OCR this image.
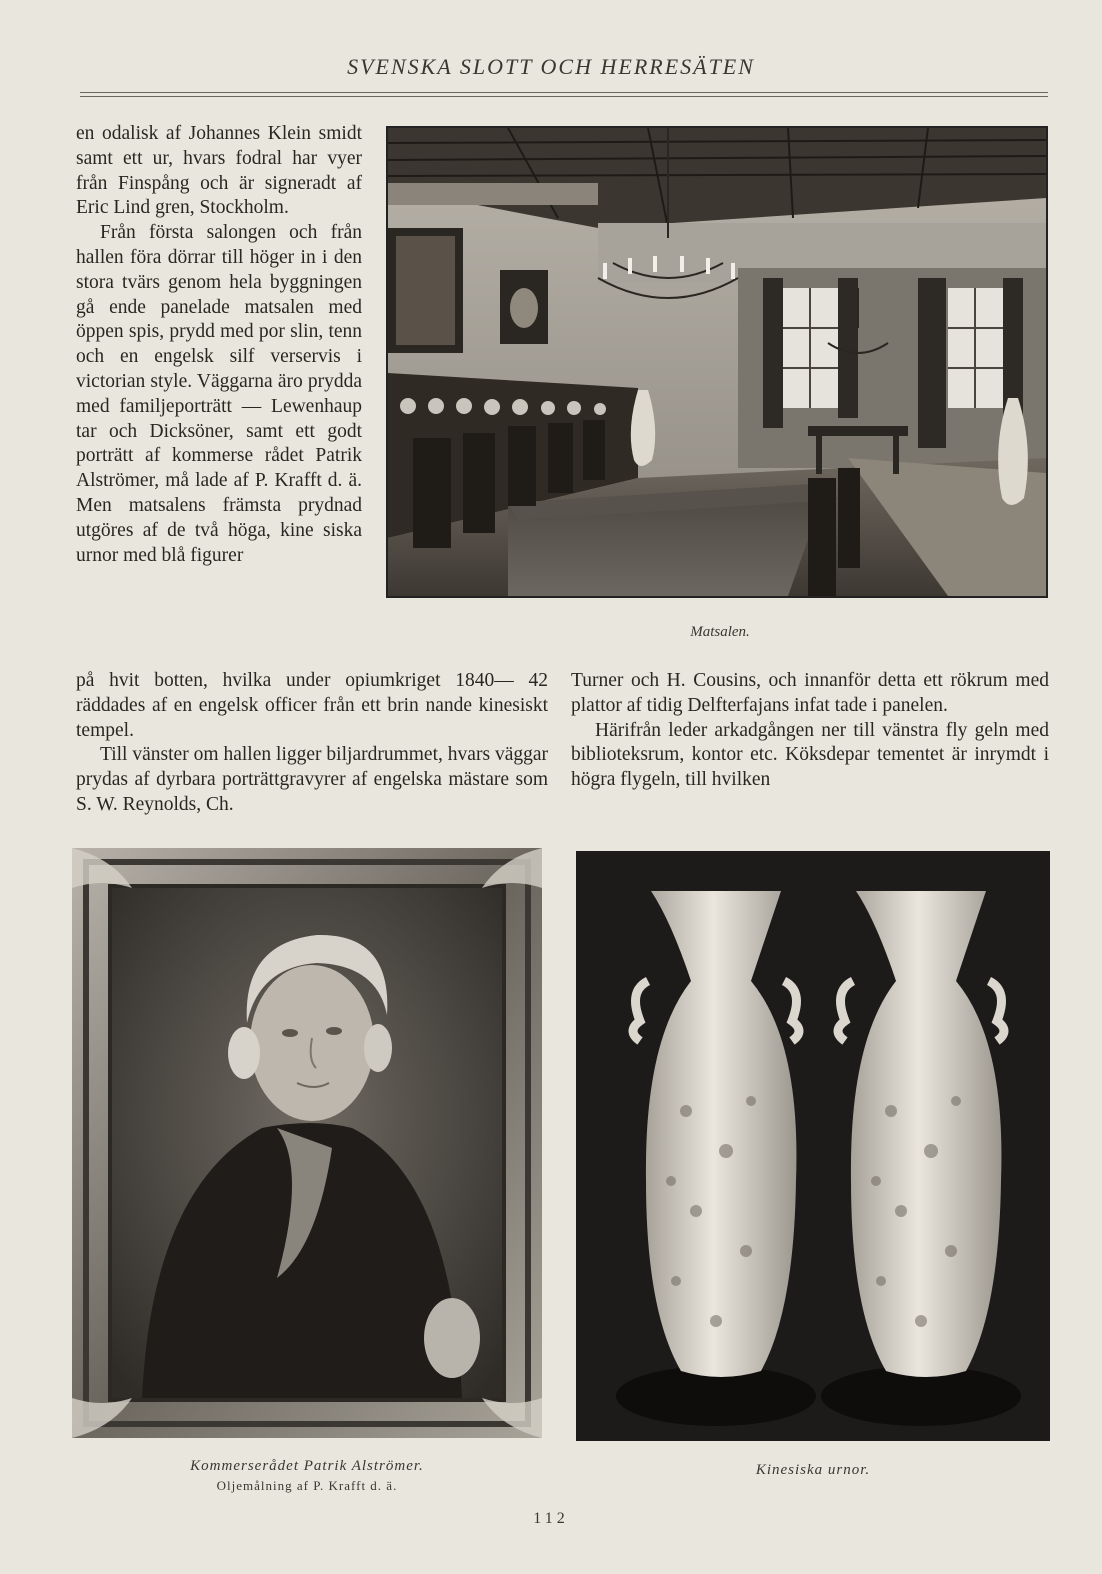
SVENSKA SLOTT OCH HERRESÄTEN

en odalisk af Johannes Klein smidt samt ett ur, hvars fodral har vyer från Finspång och är signeradt af Eric Lind gren, Stockholm.

Från första salongen och från hallen föra dörrar till höger in i den stora tvärs genom hela byggningen gå ende panelade matsalen med öppen spis, prydd med por slin, tenn och en engelsk silf verservis i victorian style. Väggarna äro prydda med familjeporträtt — Lewenhaup tar och Dicksöner, samt ett godt porträtt af kommerse rådet Patrik Alströmer, må lade af P. Krafft d. ä. Men matsalens främsta prydnad utgöres af de två höga, kine siska urnor med blå figurer

Matsalen.

på hvit botten, hvilka under opiumkriget 1840— 42 räddades af en engelsk officer från ett brin nande kinesiskt tempel.

Till vänster om hallen ligger biljardrummet, hvars väggar prydas af dyrbara porträttgravyrer af engelska mästare som S. W. Reynolds, Ch.

Turner och H. Cousins, och innanför detta ett rökrum med plattor af tidig Delfterfajans infat tade i panelen.

Härifrån leder arkadgången ner till vänstra fly geln med biblioteksrum, kontor etc. Köksdepar tementet är inrymdt i högra flygeln, till hvilken

Kommerserådet Patrik Alströmer.
Oljemålning af P. Krafft d. ä.
Kinesiska urnor.
112
